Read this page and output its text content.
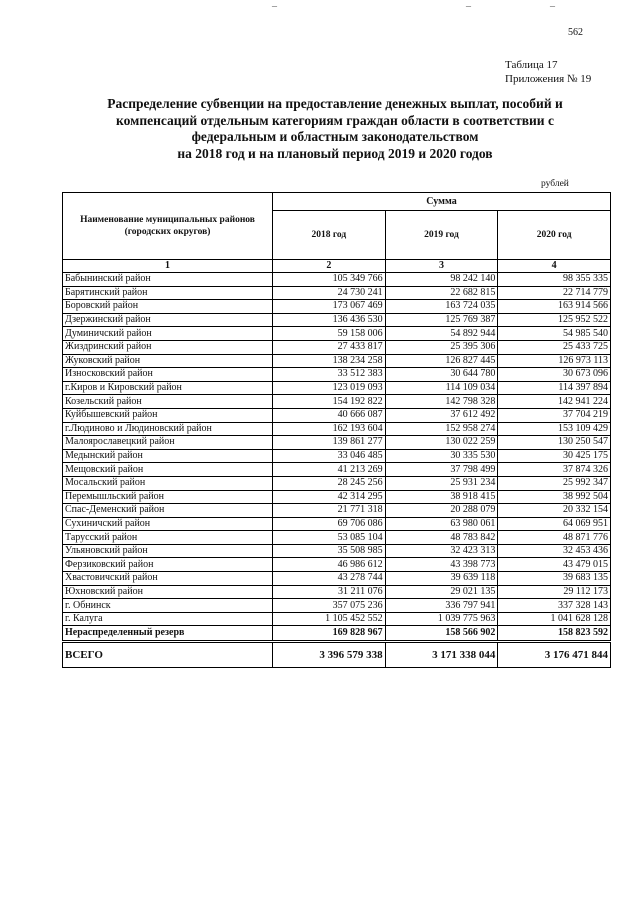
¯	¯	¯
562
Таблица 17
Приложения № 19
Распределение субвенции на предоставление денежных выплат, пособий и
компенсаций отдельным категориям граждан области в соответствии с
федеральным и областным законодательством
на 2018 год и на плановый период 2019 и 2020 годов
рублей
Наименование муниципальных районов (городских округов)	Сумма		
	2018 год	2019 год	2020 год
1	2	3	4
Бабынинский район	105 349 766	98 242 140	98 355 335
Барятинский район	24 730 241	22 682 815	22 714 779
Боровский район	173 067 469	163 724 035	163 914 566
Дзержинский район	136 436 530	125 769 387	125 952 522
Думиничский район	59 158 006	54 892 944	54 985 540
Жиздринский район	27 433 817	25 395 306	25 433 725
Жуковский район	138 234 258	126 827 445	126 973 113
Износковский район	33 512 383	30 644 780	30 673 096
г.Киров и Кировский район	123 019 093	114 109 034	114 397 894
Козельский район	154 192 822	142 798 328	142 941 224
Куйбышевский район	40 666 087	37 612 492	37 704 219
г.Людиново и Людиновский район	162 193 604	152 958 274	153 109 429
Малоярославецкий район	139 861 277	130 022 259	130 250 547
Медынский район	33 046 485	30 335 530	30 425 175
Мещовский район	41 213 269	37 798 499	37 874 326
Мосальский район	28 245 256	25 931 234	25 992 347
Перемышльский район	42 314 295	38 918 415	38 992 504
Спас-Деменский район	21 771 318	20 288 079	20 332 154
Сухиничский район	69 706 086	63 980 061	64 069 951
Тарусский район	53 085 104	48 783 842	48 871 776
Ульяновский район	35 508 985	32 423 313	32 453 436
Ферзиковский район	46 986 612	43 398 773	43 479 015
Хвастовичский район	43 278 744	39 639 118	39 683 135
Юхновский район	31 211 076	29 021 135	29 112 173
г. Обнинск	357 075 236	336 797 941	337 328 143
г. Калуга	1 105 452 552	1 039 775 963	1 041 628 128
Нераспределенный резерв	169 828 967	158 566 902	158 823 592
ВСЕГО	3 396 579 338	3 171 338 044	3 176 471 844
